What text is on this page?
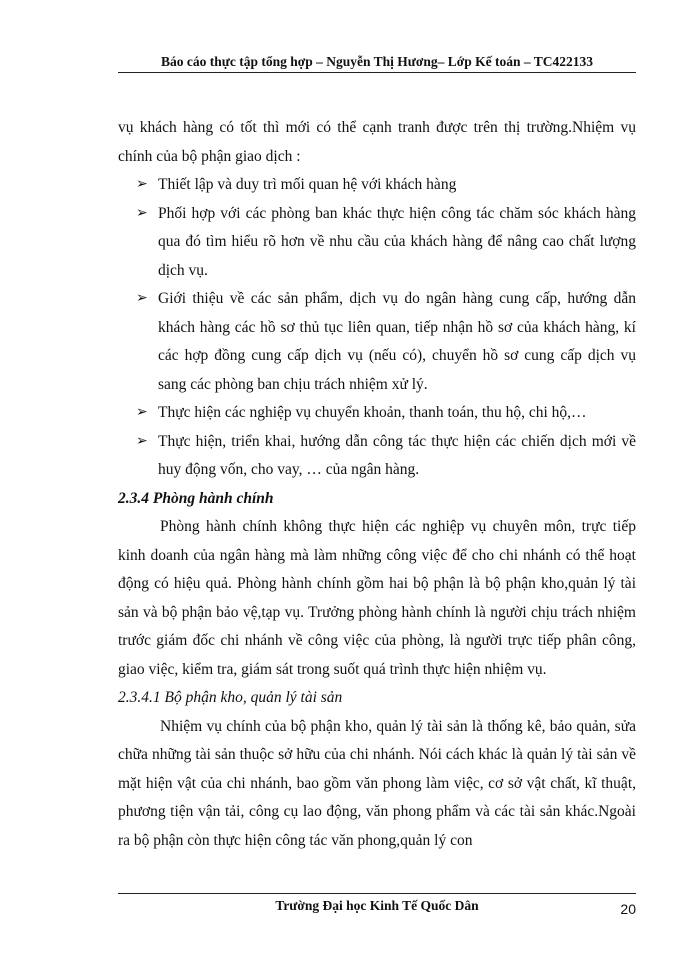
Báo cáo thực tập tổng hợp – Nguyễn Thị Hương– Lớp Kế toán – TC422133

vụ khách hàng có tốt thì mới có thể cạnh tranh được trên thị trường.Nhiệm vụ chính của bộ phận giao dịch :

➢ Thiết lập và duy trì mối quan hệ với khách hàng
➢ Phối hợp với các phòng ban khác thực hiện công tác chăm sóc khách hàng qua đó tìm hiểu rõ hơn về nhu cầu của khách hàng để nâng cao chất lượng dịch vụ.
➢ Giới thiệu về các sản phẩm, dịch vụ do ngân hàng cung cấp, hướng dẫn khách hàng các hồ sơ thủ tục liên quan, tiếp nhận hồ sơ của khách hàng, kí các hợp đồng cung cấp dịch vụ (nếu có), chuyển hồ sơ cung cấp dịch vụ sang các phòng ban chịu trách nhiệm xử lý.
➢ Thực hiện các nghiệp vụ chuyển khoản, thanh toán, thu hộ, chi hộ,…
➢ Thực hiện, triển khai, hướng dẫn công tác thực hiện các chiến dịch mới về huy động vốn, cho vay, … của ngân hàng.

2.3.4 Phòng hành chính

Phòng hành chính không thực hiện các nghiệp vụ chuyên môn, trực tiếp kinh doanh của ngân hàng mà làm những công việc để cho chi nhánh có thể hoạt động có hiệu quả. Phòng hành chính gồm hai bộ phận là bộ phận kho,quản lý tài sản và bộ phận bảo vệ,tạp vụ. Trưởng phòng hành chính là người chịu trách nhiệm trước giám đốc chi nhánh về công việc của phòng, là người trực tiếp phân công, giao việc, kiểm tra, giám sát trong suốt quá trình thực hiện nhiệm vụ.

2.3.4.1 Bộ phận kho, quản lý tài sản

Nhiệm vụ chính của bộ phận kho, quản lý tài sản là thống kê, bảo quản, sửa chữa những tài sản thuộc sở hữu của chi nhánh. Nói cách khác là quản lý tài sản về mặt hiện vật của chi nhánh, bao gồm văn phong làm việc, cơ sở vật chất, kĩ thuật, phương tiện vận tải, công cụ lao động, văn phong phẩm và các tài sản khác.Ngoài ra bộ phận còn thực hiện công tác văn phong,quản lý con

Trường Đại học Kinh Tế Quốc Dân	20
